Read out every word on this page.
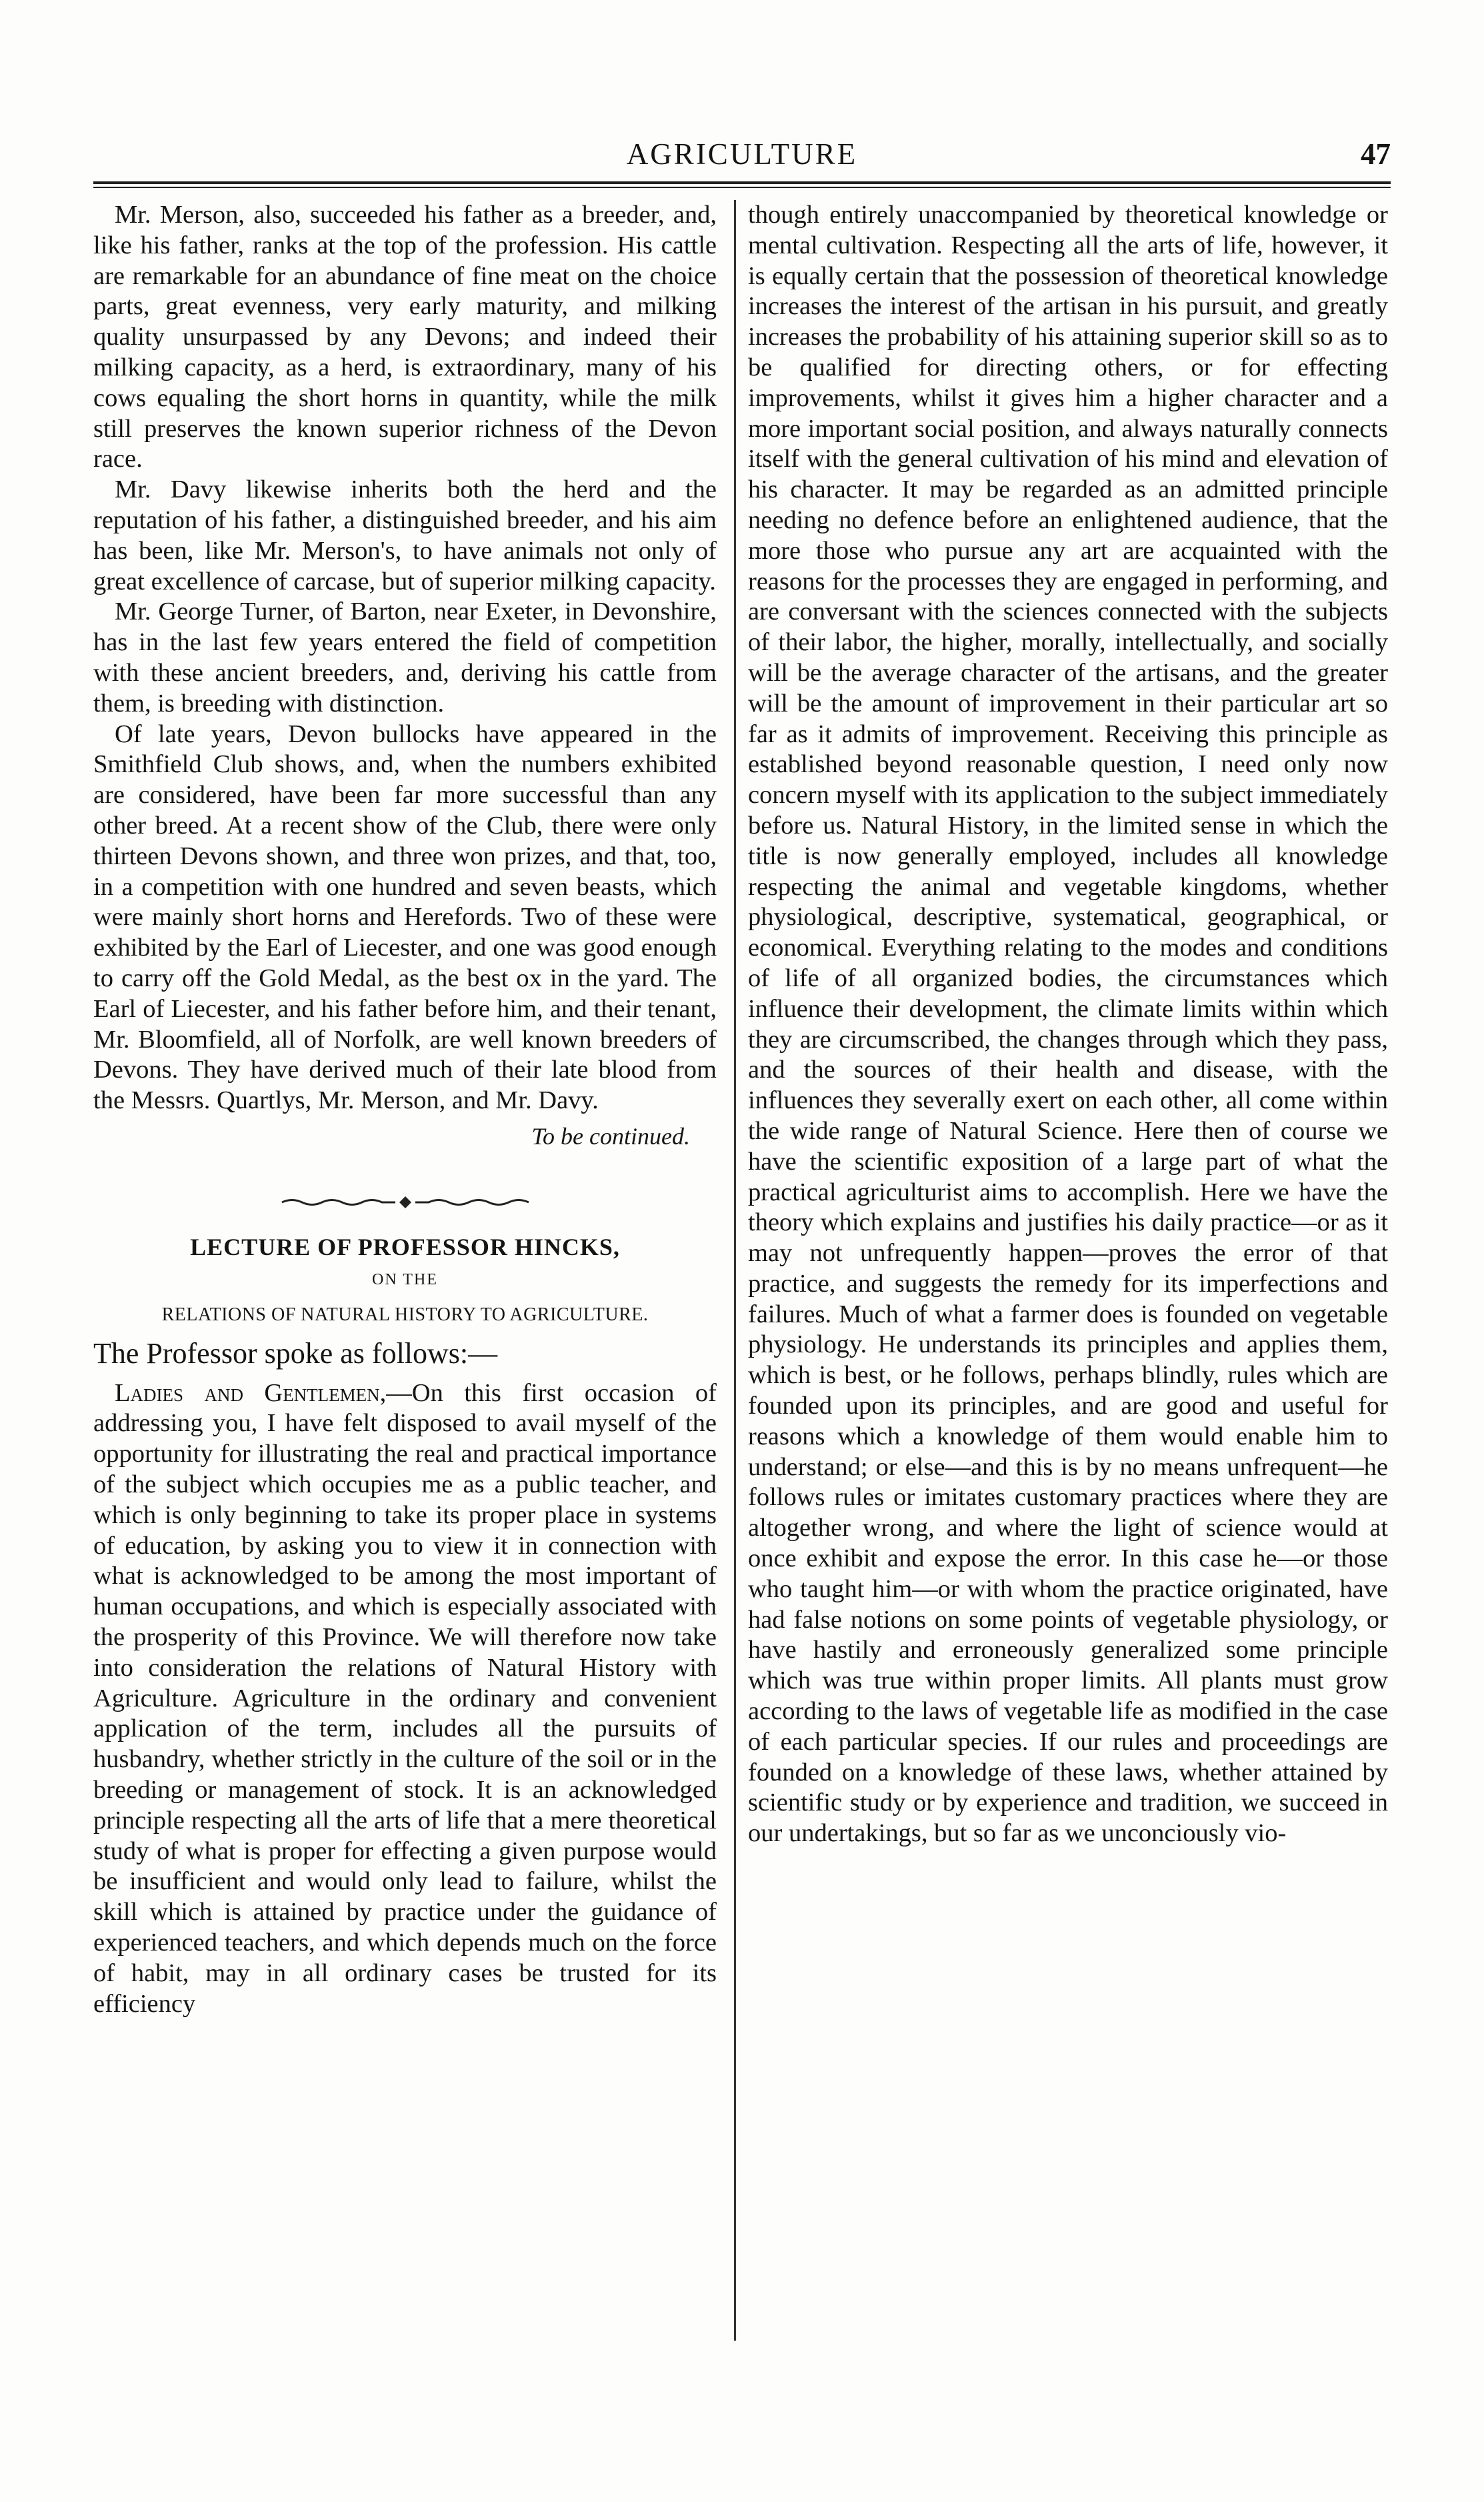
AGRICULTURE	47

Mr. Merson, also, succeeded his father as a breeder, and, like his father, ranks at the top of the profession. His cattle are remarkable for an abundance of fine meat on the choice parts, great evenness, very early maturity, and milking quality unsurpassed by any Devons; and indeed their milking capacity, as a herd, is extraordinary, many of his cows equaling the short horns in quantity, while the milk still preserves the known superior richness of the Devon race.

Mr. Davy likewise inherits both the herd and the reputation of his father, a distinguished breeder, and his aim has been, like Mr. Merson's, to have animals not only of great excellence of carcase, but of superior milking capacity.

Mr. George Turner, of Barton, near Exeter, in Devonshire, has in the last few years entered the field of competition with these ancient breeders, and, deriving his cattle from them, is breeding with distinction.

Of late years, Devon bullocks have appeared in the Smithfield Club shows, and, when the numbers exhibited are considered, have been far more successful than any other breed. At a recent show of the Club, there were only thirteen Devons shown, and three won prizes, and that, too, in a competition with one hundred and seven beasts, which were mainly short horns and Herefords. Two of these were exhibited by the Earl of Liecester, and one was good enough to carry off the Gold Medal, as the best ox in the yard. The Earl of Liecester, and his father before him, and their tenant, Mr. Bloomfield, all of Norfolk, are well known breeders of Devons. They have derived much of their late blood from the Messrs. Quartlys, Mr. Merson, and Mr. Davy.

To be continued.
LECTURE OF PROFESSOR HINCKS,
ON THE
RELATIONS OF NATURAL HISTORY TO AGRICULTURE.
The Professor spoke as follows:—

Ladies and Gentlemen,—On this first occasion of addressing you, I have felt disposed to avail myself of the opportunity for illustrating the real and practical importance of the subject which occupies me as a public teacher, and which is only beginning to take its proper place in systems of education, by asking you to view it in connection with what is acknowledged to be among the most important of human occupations, and which is especially associated with the prosperity of this Province. We will therefore now take into consideration the relations of Natural History with Agriculture. Agriculture in the ordinary and convenient application of the term, includes all the pursuits of husbandry, whether strictly in the culture of the soil or in the breeding or management of stock. It is an acknowledged principle respecting all the arts of life that a mere theoretical study of what is proper for effecting a given purpose would be insufficient and would only lead to failure, whilst the skill which is attained by practice under the guidance of experienced teachers, and which depends much on the force of habit, may in all ordinary cases be trusted for its efficiency

though entirely unaccompanied by theoretical knowledge or mental cultivation. Respecting all the arts of life, however, it is equally certain that the possession of theoretical knowledge increases the interest of the artisan in his pursuit, and greatly increases the probability of his attaining superior skill so as to be qualified for directing others, or for effecting improvements, whilst it gives him a higher character and a more important social position, and always naturally connects itself with the general cultivation of his mind and elevation of his character. It may be regarded as an admitted principle needing no defence before an enlightened audience, that the more those who pursue any art are acquainted with the reasons for the processes they are engaged in performing, and are conversant with the sciences connected with the subjects of their labor, the higher, morally, intellectually, and socially will be the average character of the artisans, and the greater will be the amount of improvement in their particular art so far as it admits of improvement. Receiving this principle as established beyond reasonable question, I need only now concern myself with its application to the subject immediately before us. Natural History, in the limited sense in which the title is now generally employed, includes all knowledge respecting the animal and vegetable kingdoms, whether physiological, descriptive, systematical, geographical, or economical. Everything relating to the modes and conditions of life of all organized bodies, the circumstances which influence their development, the climate limits within which they are circumscribed, the changes through which they pass, and the sources of their health and disease, with the influences they severally exert on each other, all come within the wide range of Natural Science. Here then of course we have the scientific exposition of a large part of what the practical agriculturist aims to accomplish. Here we have the theory which explains and justifies his daily practice—or as it may not unfrequently happen—proves the error of that practice, and suggests the remedy for its imperfections and failures. Much of what a farmer does is founded on vegetable physiology. He understands its principles and applies them, which is best, or he follows, perhaps blindly, rules which are founded upon its principles, and are good and useful for reasons which a knowledge of them would enable him to understand; or else—and this is by no means unfrequent—he follows rules or imitates customary practices where they are altogether wrong, and where the light of science would at once exhibit and expose the error. In this case he—or those who taught him—or with whom the practice originated, have had false notions on some points of vegetable physiology, or have hastily and erroneously generalized some principle which was true within proper limits. All plants must grow according to the laws of vegetable life as modified in the case of each particular species. If our rules and proceedings are founded on a knowledge of these laws, whether attained by scientific study or by experience and tradition, we succeed in our undertakings, but so far as we unconciously vio-
